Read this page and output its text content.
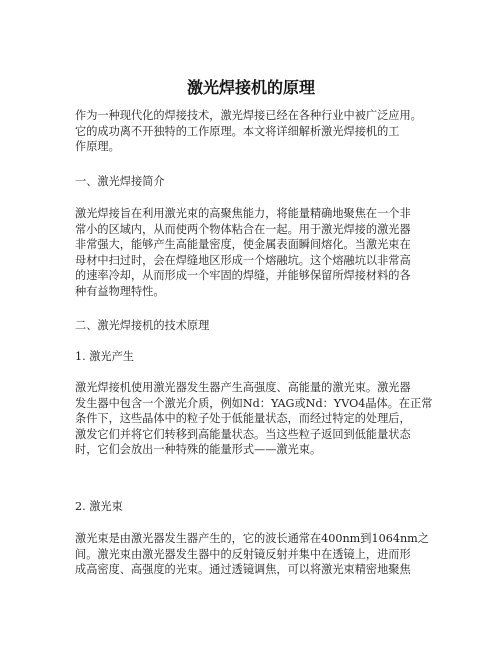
激光焊接机的原理
作为一种现代化的焊接技术，激光焊接已经在各种行业中被广泛应用。
它的成功离不开独特的工作原理。本文将详细解析激光焊接机的工
作原理。
一、激光焊接简介
激光焊接旨在利用激光束的高聚焦能力，将能量精确地聚焦在一个非
常小的区域内，从而使两个物体粘合在一起。用于激光焊接的激光器
非常强大，能够产生高能量密度，使金属表面瞬间熔化。当激光束在
母材中扫过时，会在焊缝地区形成一个熔融坑。这个熔融坑以非常高
的速率冷却，从而形成一个牢固的焊缝，并能够保留所焊接材料的各
种有益物理特性。
二、激光焊接机的技术原理
1. 激光产生
激光焊接机使用激光器发生器产生高强度、高能量的激光束。激光器
发生器中包含一个激光介质，例如Nd：YAG或Nd：YVO4晶体。在正常
条件下，这些晶体中的粒子处于低能量状态，而经过特定的处理后，
激发它们并将它们转移到高能量状态。当这些粒子返回到低能量状态
时，它们会放出一种特殊的能量形式——激光束。
2. 激光束
激光束是由激光器发生器产生的，它的波长通常在400nm到1064nm之
间。激光束由激光器发生器中的反射镜反射并集中在透镜上，进而形
成高密度、高强度的光束。通过透镜调焦，可以将激光束精密地聚焦
